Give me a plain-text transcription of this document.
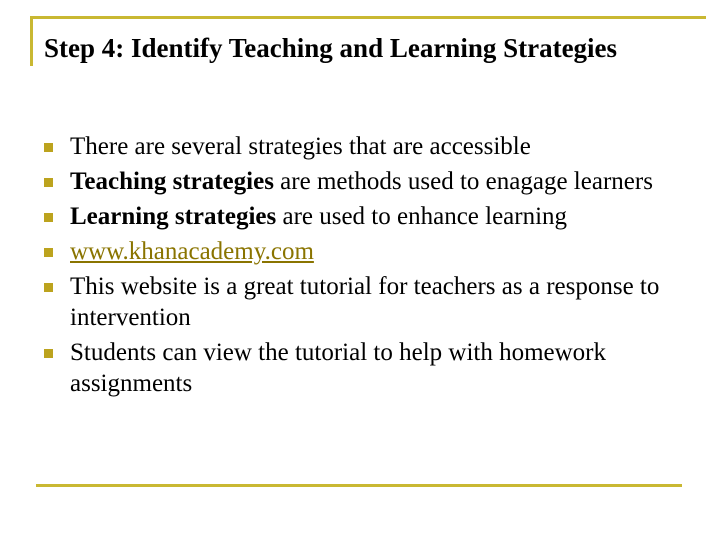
Step 4: Identify Teaching and Learning Strategies
There are several strategies that are accessible
Teaching strategies are methods used to enagage learners
Learning strategies are used to enhance learning
www.khanacademy.com
This website is a great tutorial for teachers as a response to intervention
Students can view the tutorial to help with homework assignments
